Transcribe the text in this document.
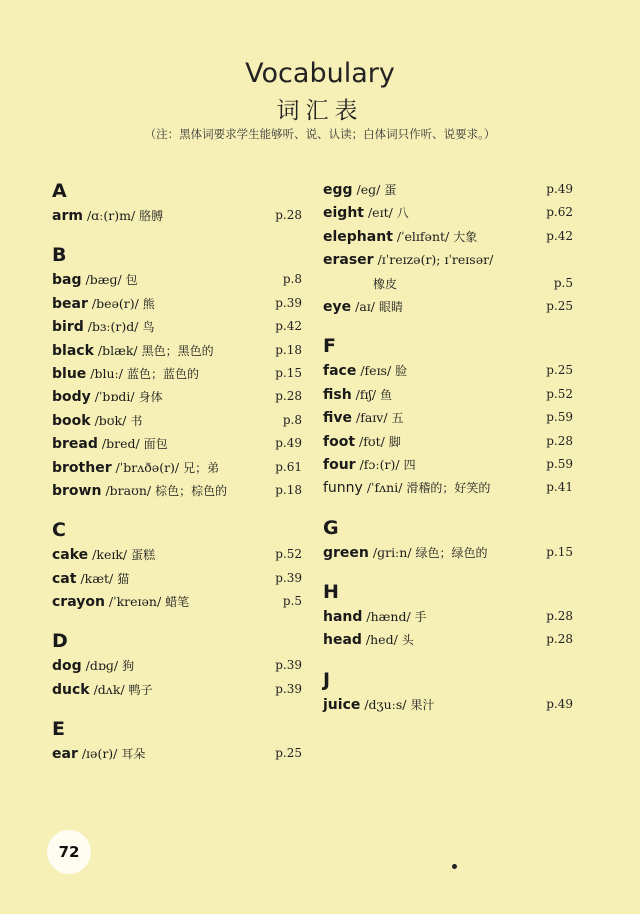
Vocabulary
词汇表
（注：黑体词要求学生能够听、说、认读；白体词只作听、说要求。）
A
arm /ɑː(r)m/ 胳膊	p.28
B
bag /bæɡ/ 包	p.8
bear /beə(r)/ 熊	p.39
bird /bɜː(r)d/ 鸟	p.42
black /blæk/ 黑色；黑色的	p.18
blue /bluː/ 蓝色；蓝色的	p.15
body /ˈbɒdi/ 身体	p.28
book /bʊk/ 书	p.8
bread /bred/ 面包	p.49
brother /ˈbrʌðə(r)/ 兄；弟	p.61
brown /braʊn/ 棕色；棕色的	p.18
C
cake /keɪk/ 蛋糕	p.52
cat /kæt/ 猫	p.39
crayon /ˈkreɪən/ 蜡笔	p.5
D
dog /dɒɡ/ 狗	p.39
duck /dʌk/ 鸭子	p.39
E
ear /ɪə(r)/ 耳朵	p.25
egg /eɡ/ 蛋	p.49
eight /eɪt/ 八	p.62
elephant /ˈelɪfənt/ 大象	p.42
eraser /ɪˈreɪzə(r); ɪˈreɪsər/
橡皮	p.5
eye /aɪ/ 眼睛	p.25
F
face /feɪs/ 脸	p.25
fish /fɪʃ/ 鱼	p.52
five /faɪv/ 五	p.59
foot /fʊt/ 脚	p.28
four /fɔː(r)/ 四	p.59
funny /ˈfʌni/ 滑稽的；好笑的	p.41
G
green /ɡriːn/ 绿色；绿色的	p.15
H
hand /hænd/ 手	p.28
head /hed/ 头	p.28
J
juice /dʒuːs/ 果汁	p.49
72
